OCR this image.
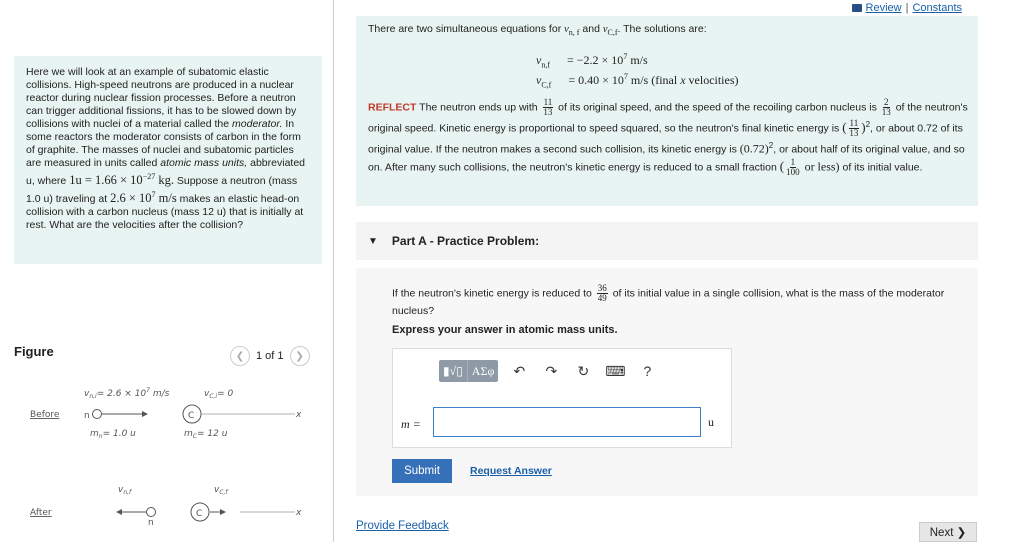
Here we will look at an example of subatomic elastic collisions. High-speed neutrons are produced in a nuclear reactor during nuclear fission processes. Before a neutron can trigger additional fissions, it has to be slowed down by collisions with nuclei of a material called the moderator. In some reactors the moderator consists of carbon in the form of graphite. The masses of nuclei and subatomic particles are measured in units called atomic mass units, abbreviated u, where $1u = 1.66 \times 10^{-27}$ kg. Suppose a neutron (mass 1.0 u) traveling at $2.6 \times 10^7$ m/s makes an elastic head-on collision with a carbon nucleus (mass 12 u) that is initially at rest. What are the velocities after the collision?
Figure	❮	1 of 1	❯
$v_{n,i}= 2.6 \times 10^7$ m/s	$v_{C,i}= 0$
Before	n	C	x
$m_n= 1.0$ u	$m_C= 12$ u
$v_{n,f}$	$v_{C,f}$
After
n
C	x
Review | Constants
There are two simultaneous equations for $v_{n, f}$ and $v_{C,f}$. The solutions are:
$v_{n,f} = -2.2 \times 10^7$ m/s
$v_{C,f} = 0.40 \times 10^7$ m/s (final x velocities)
REFLECT The neutron ends up with $\frac{11}{13}$ of its original speed, and the speed of the recoiling carbon nucleus is $\frac{2}{13}$ of the neutron's original speed. Kinetic energy is proportional to speed squared, so the neutron's final kinetic energy is ( $\frac{11}{13} )^2$, or about 0.72 of its original value. If the neutron makes a second such collision, its kinetic energy is $(0.72)^2$, or about half of its original value, and so on. After many such collisions, the neutron's kinetic energy is reduced to a small fraction ( $\frac{1}{100}$ or less) of its initial value.
▼ Part A - Practice Problem:
If the neutron's kinetic energy is reduced to $\frac{36}{49}$ of its initial value in a single collision, what is the mass of the moderator nucleus?
Express your answer in atomic mass units.
▮√▯ ΑΣφ	↶	↷	↻	⌨	?
m =	u
Submit	Request Answer
Provide Feedback
Next ❯
